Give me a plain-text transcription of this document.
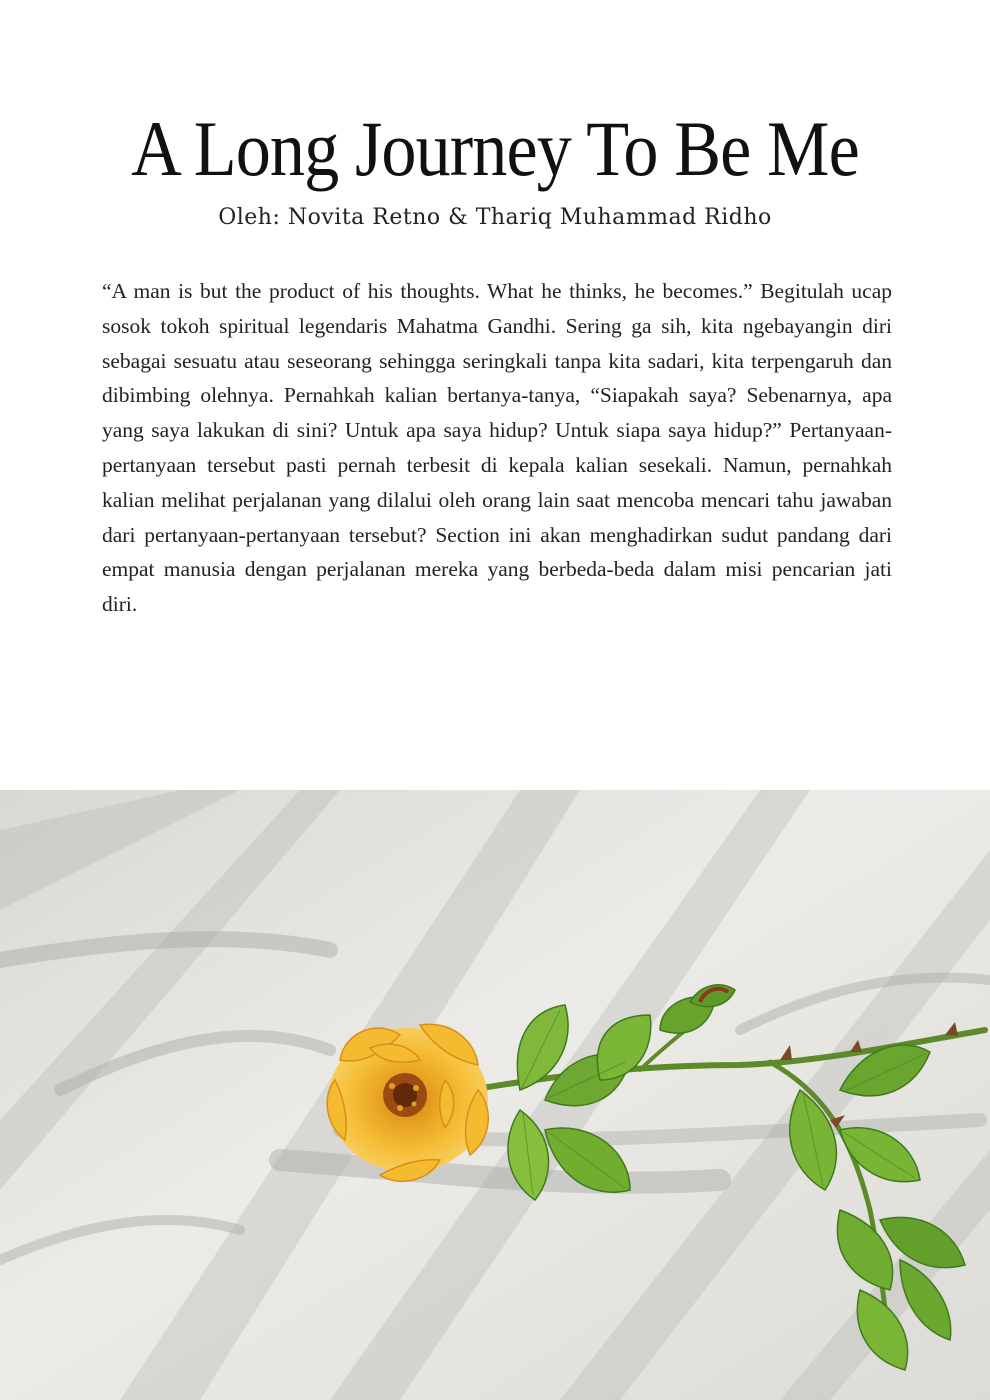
A Long Journey To Be Me
Oleh: Novita Retno & Thariq Muhammad Ridho

“A man is but the product of his thoughts. What he thinks, he becomes.” Begitulah ucap sosok tokoh spiritual legendaris Mahatma Gandhi. Sering ga sih, kita ngebayangin diri sebagai sesuatu atau seseorang sehingga seringkali tanpa kita sadari, kita terpengaruh dan dibimbing olehnya. Pernahkah kalian bertanya-tanya, “Siapakah saya? Sebenarnya, apa yang saya lakukan di sini? Untuk apa saya hidup? Untuk siapa saya hidup?” Pertanyaan-pertanyaan tersebut pasti pernah terbesit di kepala kalian sesekali. Namun, pernahkah kalian melihat perjalanan yang dilalui oleh orang lain saat mencoba mencari tahu jawaban dari pertanyaan-pertanyaan tersebut? Section ini akan menghadirkan sudut pandang dari empat manusia dengan perjalanan mereka yang berbeda-beda dalam misi pencarian jati diri.
